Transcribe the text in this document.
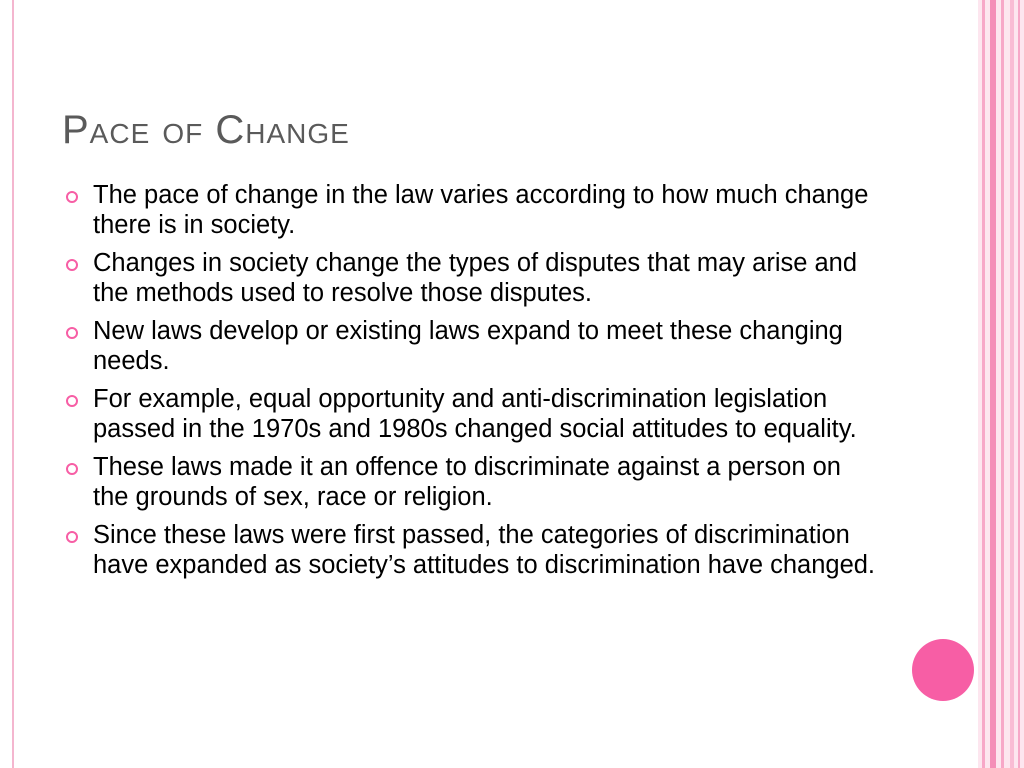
Pace of Change
The pace of change in the law varies according to how much change there is in society.
Changes in society change the types of disputes that may arise and the methods used to resolve those disputes.
New laws develop or existing laws expand to meet these changing needs.
For example, equal opportunity and anti-discrimination legislation passed in the 1970s and 1980s changed social attitudes to equality.
These laws made it an offence to discriminate against a person on the grounds of sex, race or religion.
Since these laws were first passed, the categories of discrimination have expanded as society’s attitudes to discrimination have changed.
